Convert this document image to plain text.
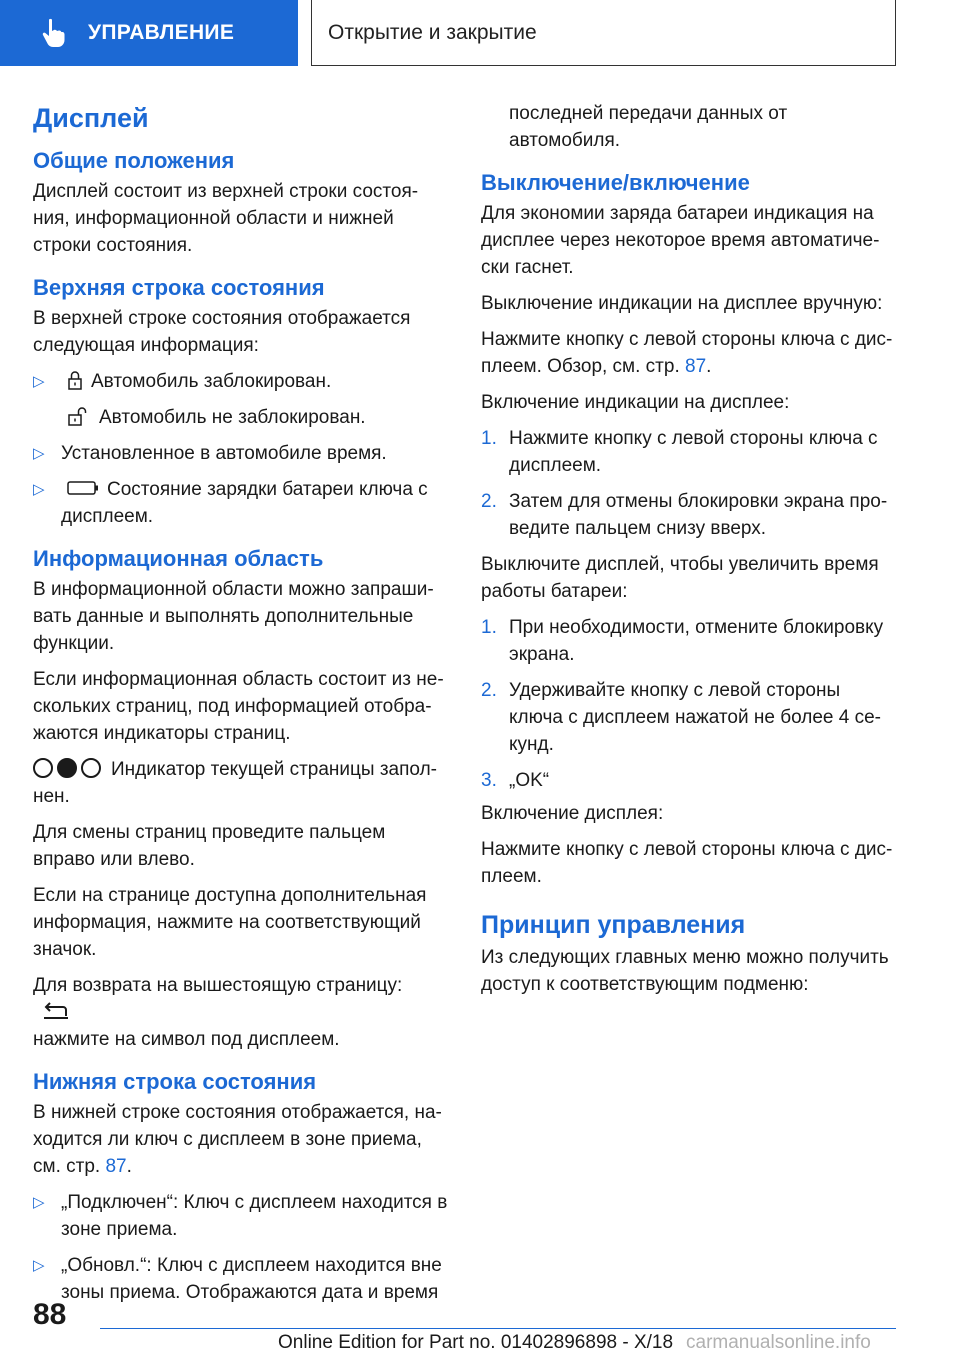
УПРАВЛЕНИЕ	Открытие и закрытие
Дисплей
Общие положения

Дисплей состоит из верхней строки состоя-ния, информационной области и нижней строки состояния.

Верхняя строка состояния

В верхней строке состояния отображается следующая информация:

▷ Автомобиль заблокирован.
Автомобиль не заблокирован.
▷ Установленное в автомобиле время.
▷	Состояние зарядки батареи ключа с дисплеем.
Информационная область

В информационной области можно запраши-вать данные и выполнять дополнительные функции.

Если информационная область состоит из не-скольких страниц, под информацией отобра-жаются индикаторы страниц.

Индикатор текущей страницы запол-нен.

Для смены страниц проведите пальцем вправо или влево.

Если на странице доступна дополнительная информация, нажмите на соответствующий значок.

Для возврата на вышестоящую страницу:

нажмите на символ под дисплеем.

Нижняя строка состояния

В нижней строке состояния отображается, на-ходится ли ключ с дисплеем в зоне приема, см. стр. 87.

▷ „Подключен“: Ключ с дисплеем находится в зоне приема.
▷ „Обновл.“: Ключ с дисплеем находится вне зоны приема. Отображаются дата и время
последней передачи данных от автомобиля.
Выключение/включение

Для экономии заряда батареи индикация на дисплее через некоторое время автоматиче-ски гаснет.

Выключение индикации на дисплее вручную:

Нажмите кнопку с левой стороны ключа с дис-плеем. Обзор, см. стр. 87.

Включение индикации на дисплее:

1. Нажмите кнопку с левой стороны ключа с дисплеем.
2. Затем для отмены блокировки экрана про-ведите пальцем снизу вверх.

Выключите дисплей, чтобы увеличить время работы батареи:

1. При необходимости, отмените блокировку экрана.
2. Удерживайте кнопку с левой стороны ключа с дисплеем нажатой не более 4 се-кунд.
3. „OK“

Включение дисплея:

Нажмите кнопку с левой стороны ключа с дис-плеем.

Принцип управления

Из следующих главных меню можно получить доступ к соответствующим подменю:

88
Online Edition for Part no. 01402896898 - X/18 carmanualsonline.info
